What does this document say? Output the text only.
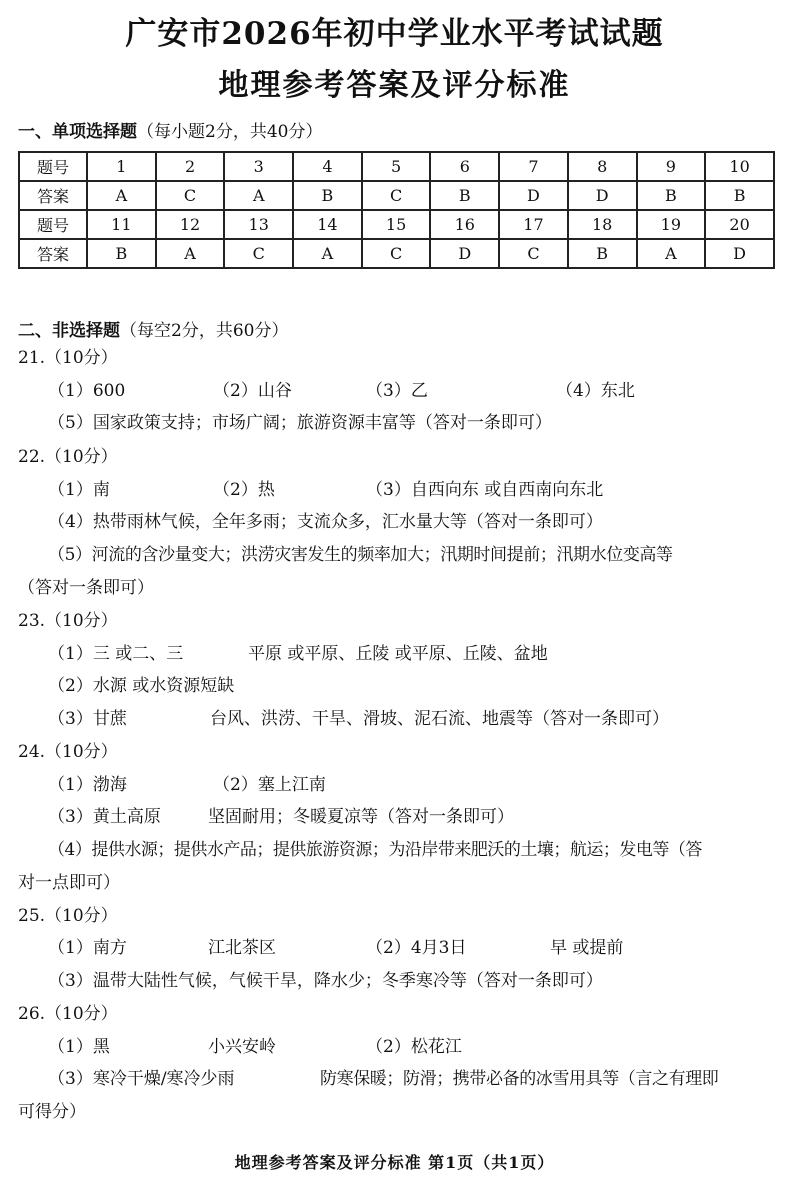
广安市2026年初中学业水平考试试题
地理参考答案及评分标准
一、单项选择题（每小题2分，共40分）
题号	1	2	3	4	5	6	7	8	9	10
答案	A	C	A	B	C	B	D	D	B	B
题号	11	12	13	14	15	16	17	18	19	20
答案	B	A	C	A	C	D	C	B	A	D
二、非选择题（每空2分，共60分）
21.（10分）
（1）600	（2）山谷	（3）乙	（4）东北
（5）国家政策支持；市场广阔；旅游资源丰富等（答对一条即可）
22.（10分）
（1）南	（2）热	（3）自西向东 或自西南向东北
（4）热带雨林气候，全年多雨；支流众多，汇水量大等（答对一条即可）
（5）河流的含沙量变大；洪涝灾害发生的频率加大；汛期时间提前；汛期水位变高等
（答对一条即可）
23.（10分）
（1）三 或二、三	平原 或平原、丘陵 或平原、丘陵、盆地
（2）水源 或水资源短缺
（3）甘蔗	台风、洪涝、干旱、滑坡、泥石流、地震等（答对一条即可）
24.（10分）
（1）渤海	（2）塞上江南
（3）黄土高原	坚固耐用；冬暖夏凉等（答对一条即可）
（4）提供水源；提供水产品；提供旅游资源；为沿岸带来肥沃的土壤；航运；发电等（答
对一点即可）
25.（10分）
（1）南方	江北茶区	（2）4月3日	早 或提前
（3）温带大陆性气候，气候干旱，降水少；冬季寒冷等（答对一条即可）
26.（10分）
（1）黑	小兴安岭	（2）松花江
（3）寒冷干燥/寒冷少雨	防寒保暖；防滑；携带必备的冰雪用具等（言之有理即
可得分）
地理参考答案及评分标准 第1页（共1页）
